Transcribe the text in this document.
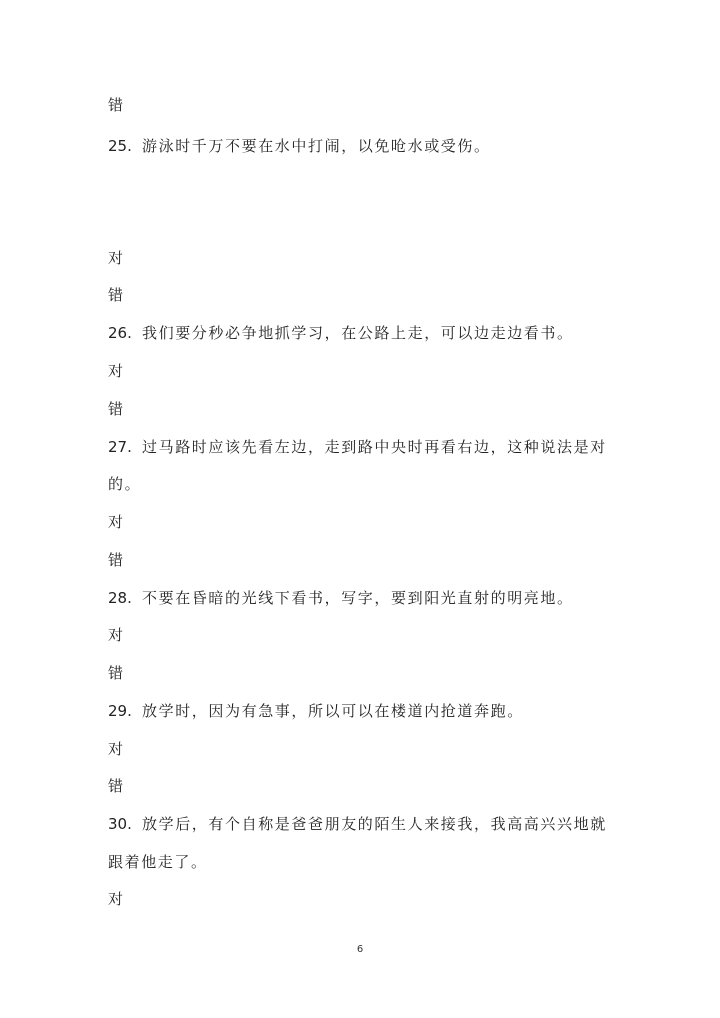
错
25. 游泳时千万不要在水中打闹，以免呛水或受伤。
对
错
26. 我们要分秒必争地抓学习，在公路上走，可以边走边看书。
对
错
27. 过马路时应该先看左边，走到路中央时再看右边，这种说法是对
的。
对
错
28. 不要在昏暗的光线下看书，写字，要到阳光直射的明亮地。
对
错
29. 放学时，因为有急事，所以可以在楼道内抢道奔跑。
对
错
30. 放学后，有个自称是爸爸朋友的陌生人来接我，我高高兴兴地就
跟着他走了。
对
6
